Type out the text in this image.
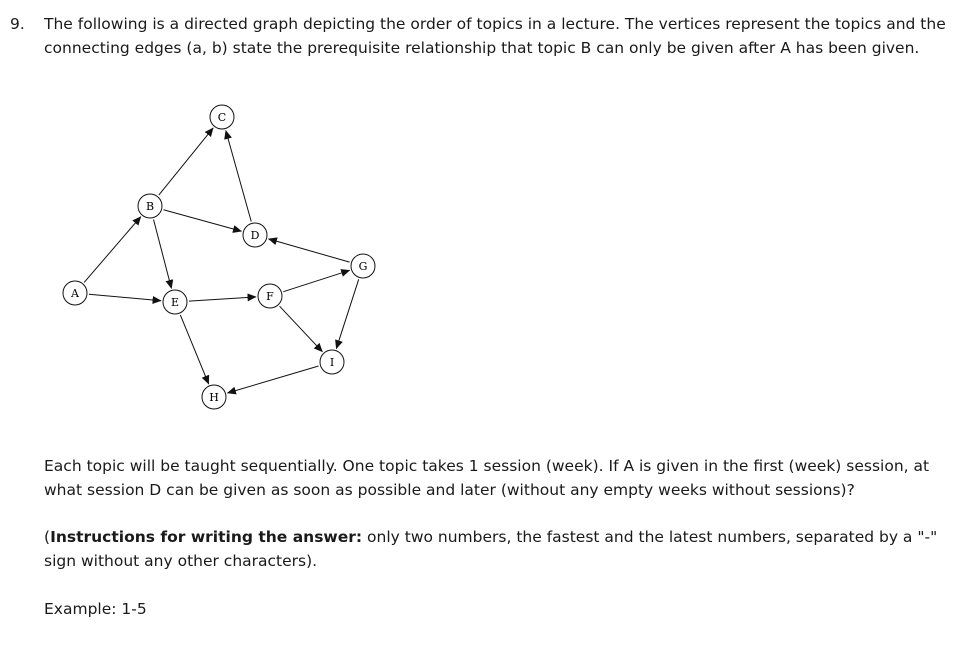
9. The following is a directed graph depicting the order of topics in a lecture. The vertices represent the topics and the connecting edges (a, b) state the prerequisite relationship that topic B can only be given after A has been given.
A
B
C
D
E	F
G
H
I
Each topic will be taught sequentially. One topic takes 1 session (week). If A is given in the first (week) session, at what session D can be given as soon as possible and later (without any empty weeks without sessions)?
(Instructions for writing the answer: only two numbers, the fastest and the latest numbers, separated by a "-" sign without any other characters).
Example: 1-5
